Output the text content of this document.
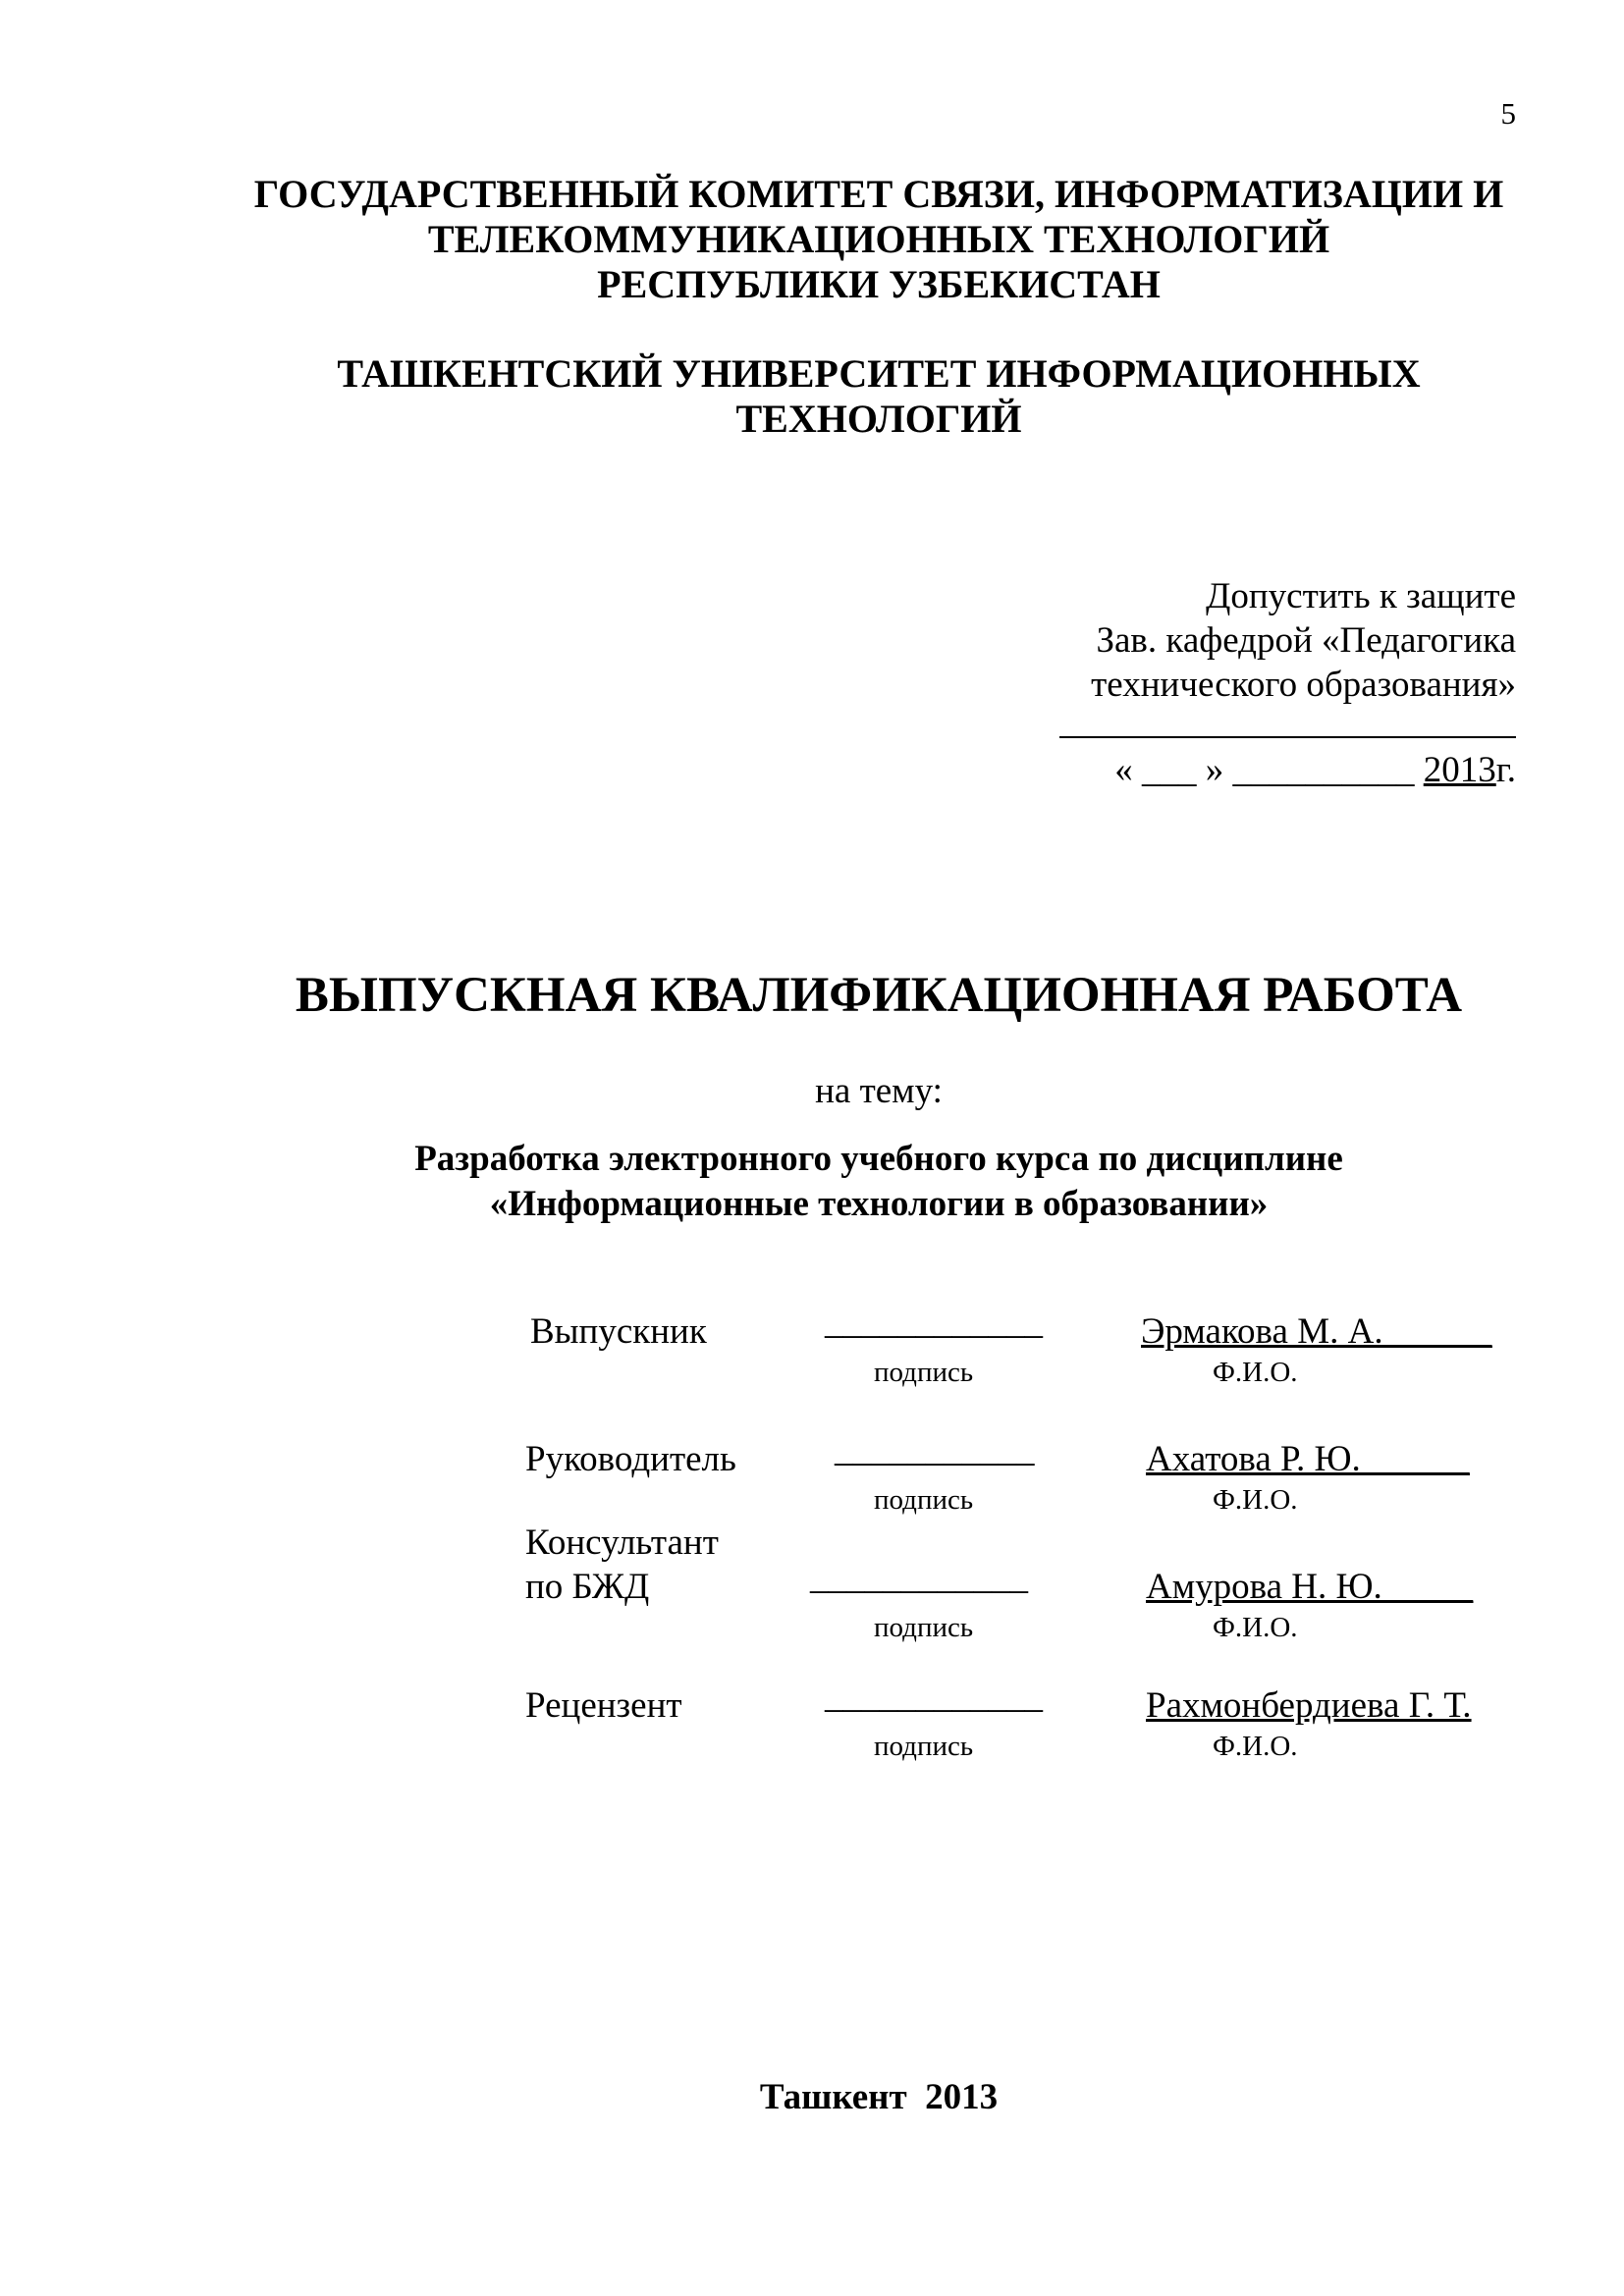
5
ГОСУДАРСТВЕННЫЙ КОМИТЕТ СВЯЗИ, ИНФОРМАТИЗАЦИИ И
ТЕЛЕКОММУНИКАЦИОННЫХ ТЕХНОЛОГИЙ
РЕСПУБЛИКИ УЗБЕКИСТАН
ТАШКЕНТСКИЙ УНИВЕРСИТЕТ ИНФОРМАЦИОННЫХ
ТЕХНОЛОГИЙ
Допустить к защите
Зав. кафедрой «Педагогика
технического образования»
« ___ » __________ 2013г.
ВЫПУСКНАЯ КВАЛИФИКАЦИОННАЯ РАБОТА
на тему:
Разработка электронного учебного курса по дисциплине
«Информационные технологии в образовании»
Выпускник	____________	Эрмакова М. А.______
подпись	Ф.И.О.
Руководитель	___________	Ахатова Р. Ю.______
подпись	Ф.И.О.
Консультант
по БЖД	____________	Амурова Н. Ю._____
подпись	Ф.И.О.
Рецензент	____________	Рахмонбердиева Г. Т.
подпись	Ф.И.О.
Ташкент  2013
